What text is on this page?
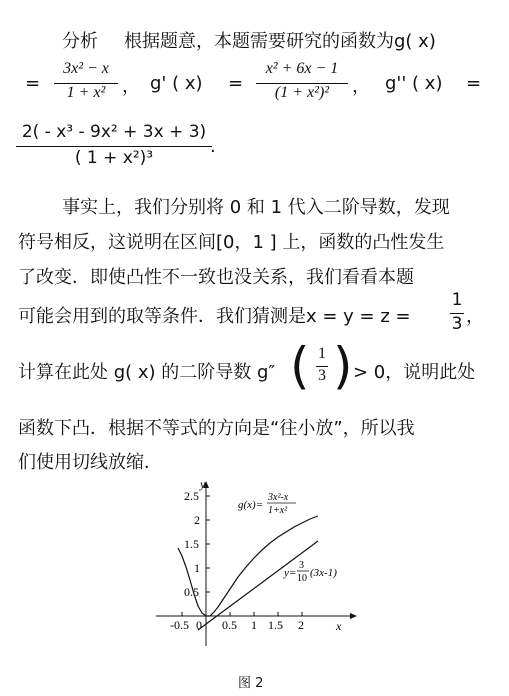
分析 根据题意，本题需要研究的函数为g( x)
=
3x² − x
1 + x² ， g' ( x) =
x² + 6x − 1
(1 + x²)²	， g'' ( x) =
2( - x³ - 9x² + 3x + 3)
( 1 + x²)³
.
事实上，我们分别将 0 和 1 代入二阶导数，发现
符号相反，这说明在区间[0，1 ] 上，函数的凸性发生
了改变．即使凸性不一致也没关系，我们看看本题
可能会用到的取等条件．我们猜测是x = y = z =
1
3 ，
计算在此处 g( x) 的二阶导数 g″ ( 1
3 ) > 0，说明此处
函数下凸．根据不等式的方向是“往小放”，所以我
们使用切线放缩．
y
x
2.5
2
1.5
1
0.5
-0.5 0 0.5 1 1.5 2
g(x)=
3x²-x
1+x²
y=
3
10 (3x-1)
图 2
